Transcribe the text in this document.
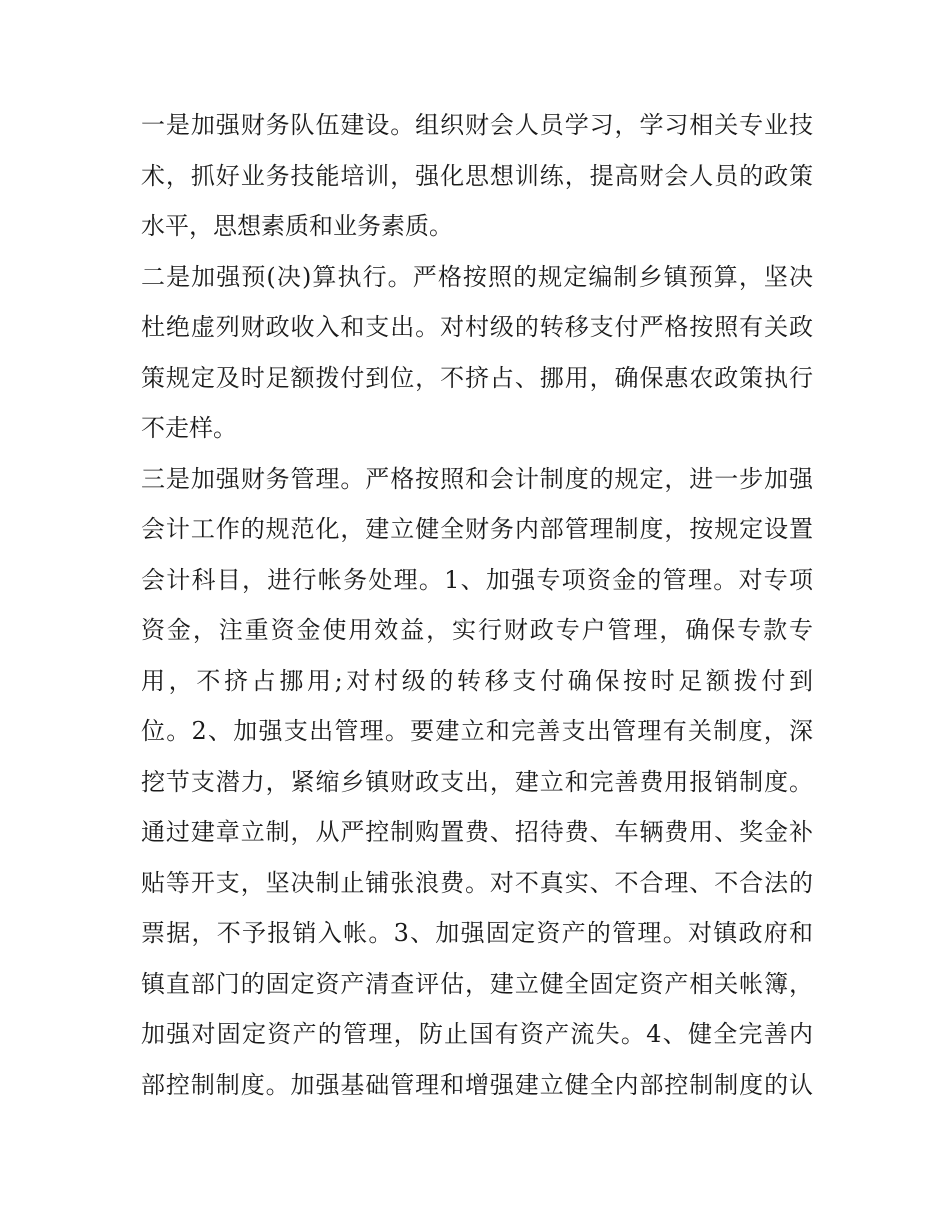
一是加强财务队伍建设。组织财会人员学习，学习相关专业技
术，抓好业务技能培训，强化思想训练，提高财会人员的政策
水平，思想素质和业务素质。
二是加强预(决)算执行。严格按照的规定编制乡镇预算，坚决
杜绝虚列财政收入和支出。对村级的转移支付严格按照有关政
策规定及时足额拨付到位，不挤占、挪用，确保惠农政策执行
不走样。
三是加强财务管理。严格按照和会计制度的规定，进一步加强
会计工作的规范化，建立健全财务内部管理制度，按规定设置
会计科目，进行帐务处理。1、加强专项资金的管理。对专项
资金，注重资金使用效益，实行财政专户管理，确保专款专
用，不挤占挪用;对村级的转移支付确保按时足额拨付到
位。2、加强支出管理。要建立和完善支出管理有关制度，深
挖节支潜力，紧缩乡镇财政支出，建立和完善费用报销制度。
通过建章立制，从严控制购置费、招待费、车辆费用、奖金补
贴等开支，坚决制止铺张浪费。对不真实、不合理、不合法的
票据，不予报销入帐。3、加强固定资产的管理。对镇政府和
镇直部门的固定资产清查评估，建立健全固定资产相关帐簿，
加强对固定资产的管理，防止国有资产流失。4、健全完善内
部控制制度。加强基础管理和增强建立健全内部控制制度的认
